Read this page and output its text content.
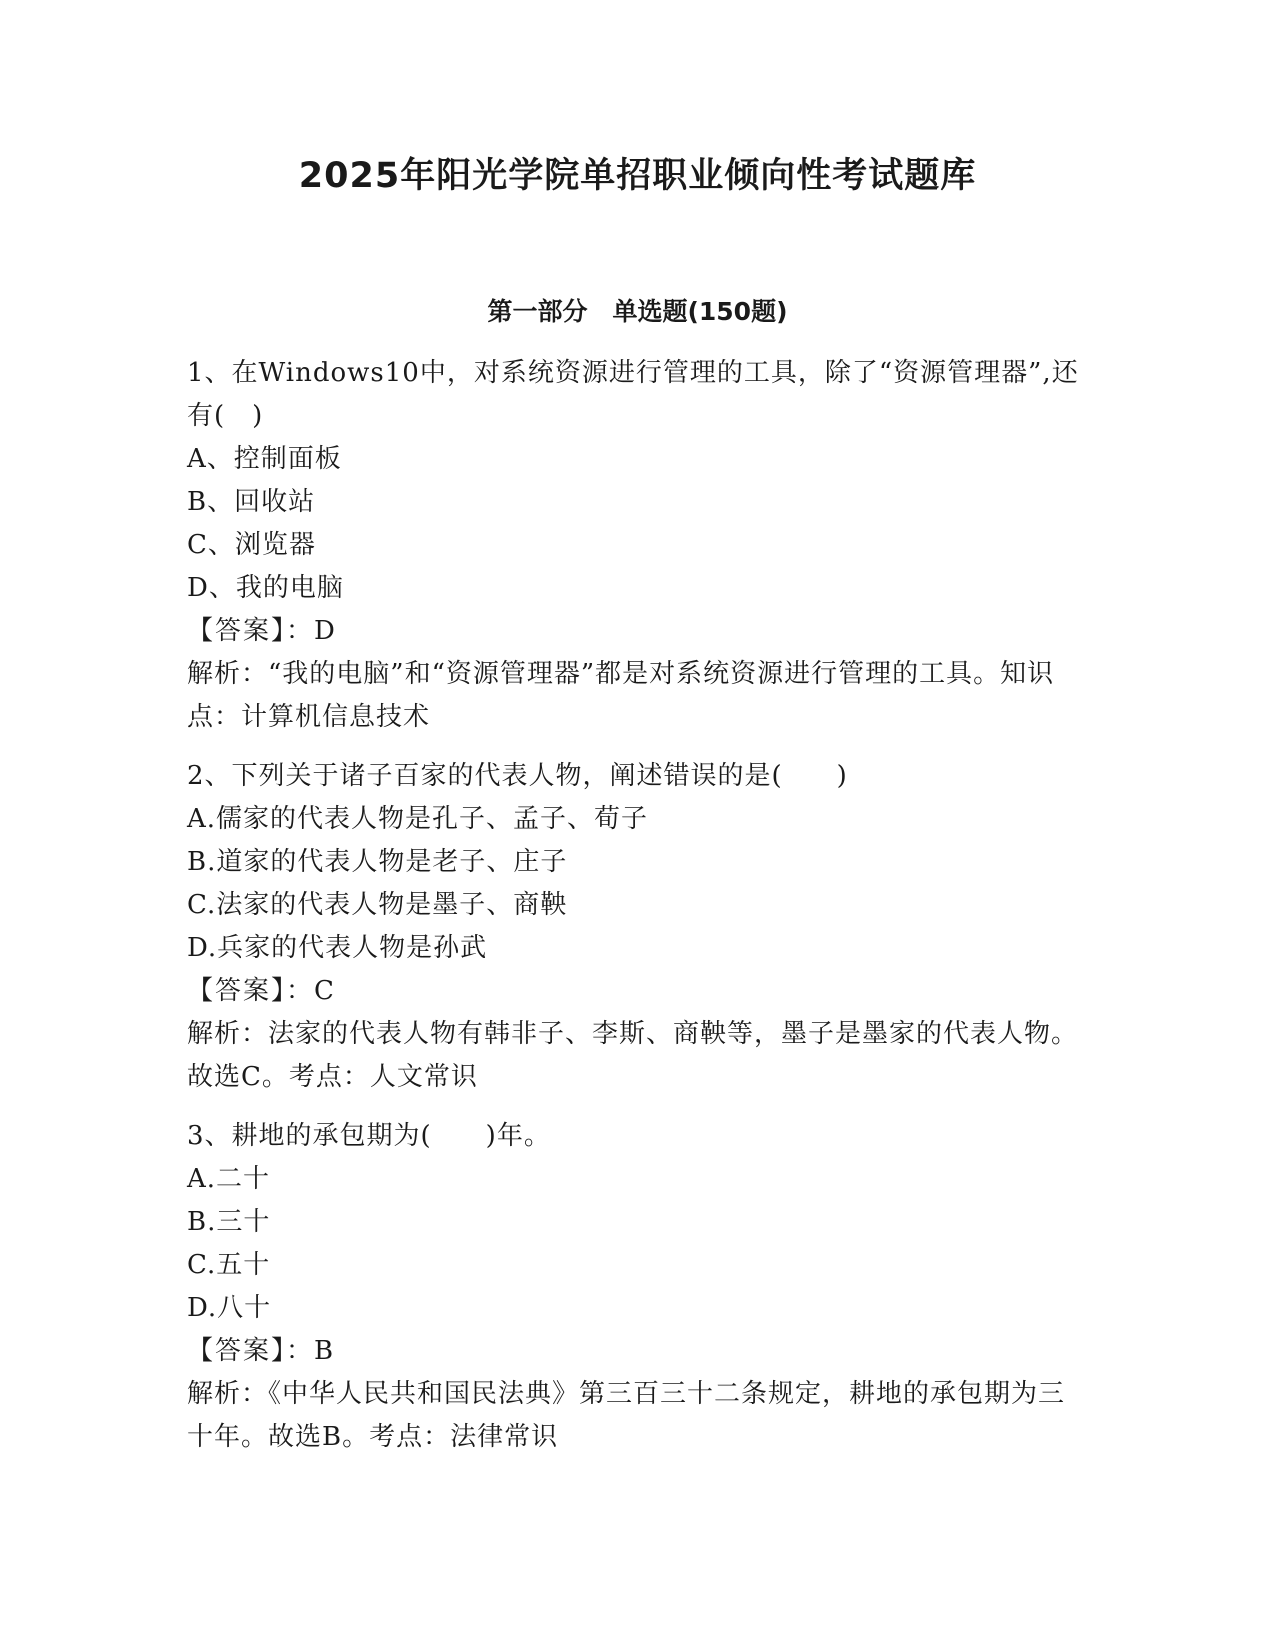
2025年阳光学院单招职业倾向性考试题库
第一部分　单选题(150题)

1、在Windows10中，对系统资源进行管理的工具，除了“资源管理器”,还有(　)

A、控制面板

B、回收站

C、浏览器

D、我的电脑

【答案】：D

解析：“我的电脑”和“资源管理器”都是对系统资源进行管理的工具。知识点：计算机信息技术

2、下列关于诸子百家的代表人物，阐述错误的是(　　)

A.儒家的代表人物是孔子、孟子、荀子

B.道家的代表人物是老子、庄子

C.法家的代表人物是墨子、商鞅

D.兵家的代表人物是孙武

【答案】：C

解析：法家的代表人物有韩非子、李斯、商鞅等，墨子是墨家的代表人物。故选C。考点：人文常识

3、耕地的承包期为(　　)年。

A.二十

B.三十

C.五十

D.八十

【答案】：B

解析：《中华人民共和国民法典》第三百三十二条规定，耕地的承包期为三十年。故选B。考点：法律常识
